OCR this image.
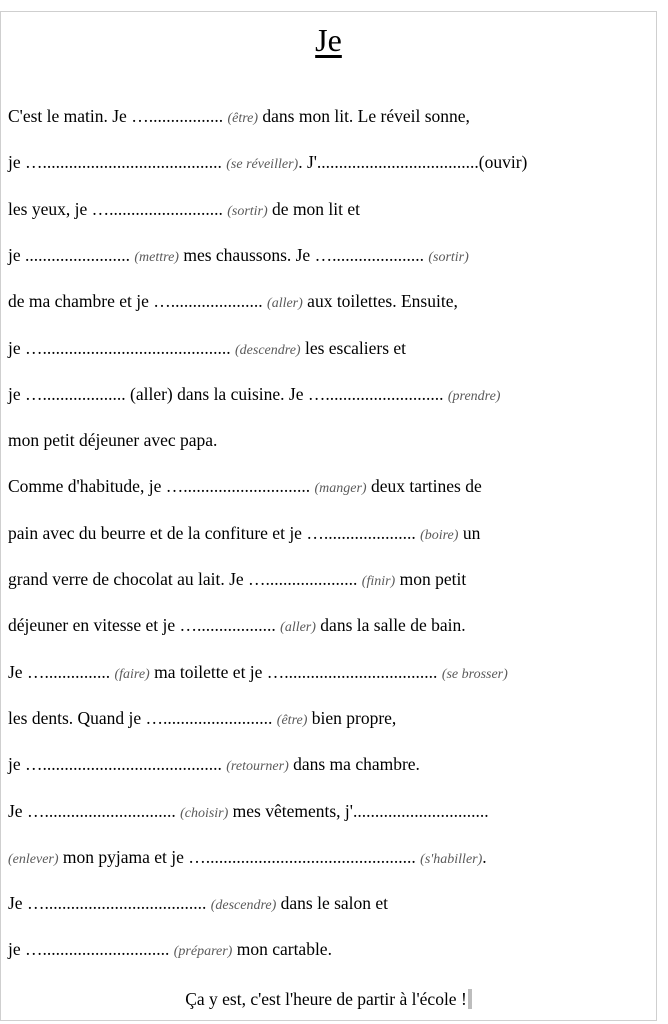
Je
C'est le matin. Je …................. (être) dans mon lit. Le réveil sonne,
je …......................................... (se réveiller). J'.....................................(ouvir)
les yeux, je ….......................... (sortir) de mon lit et
je ........................ (mettre) mes chaussons. Je …..................... (sortir)
de ma chambre et je …..................... (aller) aux toilettes. Ensuite,
je …........................................... (descendre) les escaliers et
je …................... (aller) dans la cuisine. Je …........................... (prendre)
mon petit déjeuner avec papa.
Comme d'habitude, je …............................. (manger) deux tartines de
pain avec du beurre et de la confiture et je …..................... (boire) un
grand verre de chocolat au lait. Je …..................... (finir) mon petit
déjeuner en vitesse et je ….................. (aller) dans la salle de bain.
Je …............... (faire) ma toilette et je …................................... (se brosser)
les dents. Quand je …......................... (être) bien propre,
je …......................................... (retourner) dans ma chambre.
Je ….............................. (choisir) mes vêtements, j'...............................
(enlever) mon pyjama et je …................................................ (s'habiller).
Je …..................................... (descendre) dans le salon et
je …............................. (préparer) mon cartable.
Ça y est, c'est l'heure de partir à l'école !
